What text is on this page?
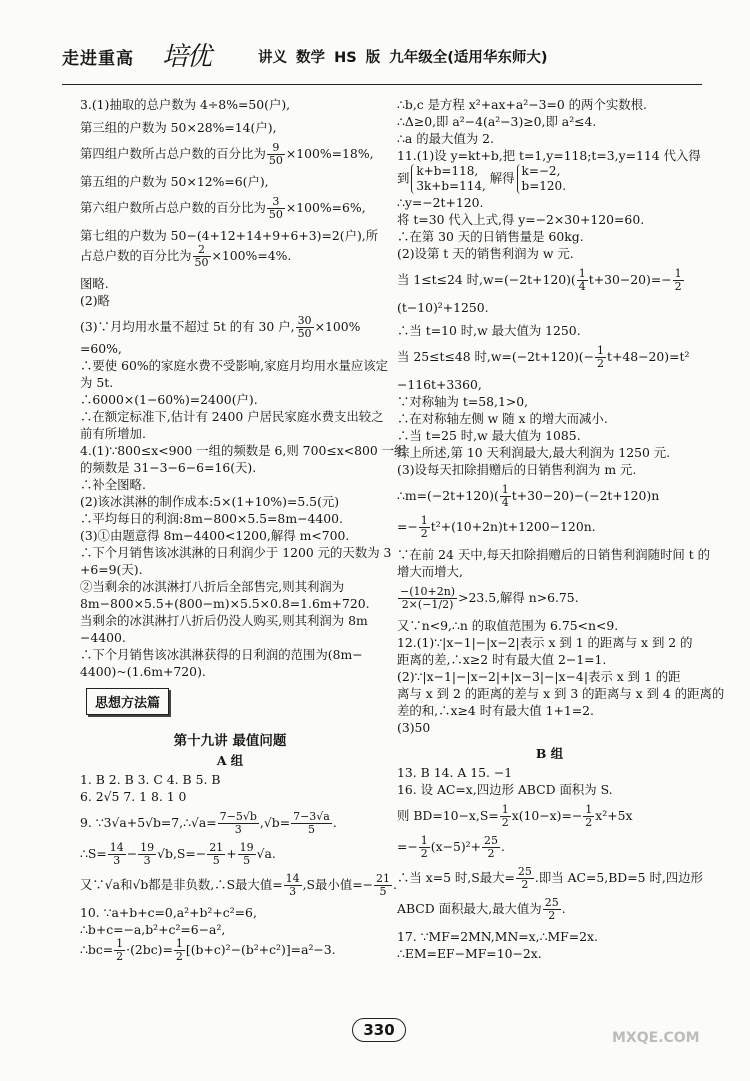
走进重高 培优	讲义 数学 HS 版 九年级全(适用华东师大)

3.(1)抽取的总户数为 4÷8%=50(户),

第三组的户数为 50×28%=14(户),

第四组户数所占总户数的百分比为 $\frac{9}{50} \times 100\%=18\%$,

第五组的户数为 50×12%=6(户),

第六组户数所占总户数的百分比为 $\frac{3}{50} \times 100\%=6\%$,

第七组的户数为 50−(4+12+14+9+6+3)=2(户),所

占总户数的百分比为 $\frac{2}{50} \times 100\%=4\%$.

图略.

(2)略

(3)∵月均用水量不超过 5t 的有 30 户, $\frac{30}{50} \times 100\%$

=60%,

∴要使 60%的家庭水费不受影响,家庭月均用水量应该定

为 5t.

∴6000×(1−60%)=2400(户).

∴在额定标准下,估计有 2400 户居民家庭水费支出较之

前有所增加.

4.(1)∵800≤x<900 一组的频数是 6,则 700≤x<800 一组

的频数是 31−3−6−6=16(天).

∴补全图略.

(2)该冰淇淋的制作成本:5×(1+10%)=5.5(元)

∴平均每日的利润:8m−800×5.5=8m−4400.

(3)①由题意得 8m−4400<1200,解得 m<700.

∴下个月销售该冰淇淋的日利润少于 1200 元的天数为 3

+6=9(天).

②当剩余的冰淇淋打八折后全部售完,则其利润为

8m−800×5.5+(800−m)×5.5×0.8=1.6m+720.

当剩余的冰淇淋打八折后仍没人购买,则其利润为 8m

−4400.

∴下个月销售该冰淇淋获得的日利润的范围为(8m−

4400)~(1.6m+720).

思想方法篇
第十九讲 最值问题
A 组

1. B 2. B 3. C 4. B 5. B

6. 2√5 7. 1 8. 1 0

9. ∵3√a+5√b=7,∴√a= $\frac{7-5√b}{3} ,√b= \frac{7-3√a}{5}$ .

∴S= $\frac{14}{3} - \frac{19}{3} √b,S=- \frac{21}{5} + \frac{19}{5} √a$.

又∵√a和√b都是非负数,∴S最大值= $\frac{14}{3} ,S$最小值=− $\frac{21}{5}$ .

10. ∵a+b+c=0,a²+b²+c²=6,

∴b+c=−a,b²+c²=6−a²,

∴bc= $\frac{1}{2} \cdot(2bc)= \frac{1}{2} [(b+c)^2-(b^2+c^2)]=a^2-3$.

∴b,c 是方程 x²+ax+a²−3=0 的两个实数根.

∴Δ≥0,即 a²−4(a²−3)≥0,即 a²≤4.

∴a 的最大值为 2.

11.(1)设 y=kt+b,把 t=1,y=118;t=3,y=114 代入得

到 k+b=118,
3k+b=114, 解得 k=−2,
b=120.

∴y=−2t+120.

将 t=30 代入上式,得 y=−2×30+120=60.

∴在第 30 天的日销售量是 60kg.

(2)设第 t 天的销售利润为 w 元.

当 1≤t≤24 时$,w=(-2t+120)( \frac{1}{4} t+30-20)=- \frac{1}{2}$

(t−10)²+1250.

∴当 t=10 时,w 最大值为 1250.

当 25≤t≤48 时$,w=(-2t+120)(- \frac{1}{2} t+48-20)=t^2$

−116t+3360,

∵对称轴为 t=58,1>0,

∴在对称轴左侧 w 随 x 的增大而减小.

∴当 t=25 时,w 最大值为 1085.

综上所述,第 10 天利润最大,最大利润为 1250 元.

(3)设每天扣除捐赠后的日销售利润为 m 元.

∴m=(−2t+120)( $\frac{1}{4} t+30-20)-(-2t+120)n$

=− $\frac{1}{2} t^2+(10+2n)t+1200-120n$.

∵在前 24 天中,每天扣除捐赠后的日销售利润随时间 t 的

增大而增大,

$\frac{-(10+2n)}{2\times(-1/2)} >23.5$,解得 n>6.75.

又∵n<9,∴n 的取值范围为 6.75<n<9.

12.(1)∵|x−1|−|x−2|表示 x 到 1 的距离与 x 到 2 的

距离的差,∴x≥2 时有最大值 2−1=1.

(2)∵|x−1|−|x−2|+|x−3|−|x−4|表示 x 到 1 的距

离与 x 到 2 的距离的差与 x 到 3 的距离与 x 到 4 的距离的

差的和,∴x≥4 时有最大值 1+1=2.

(3)50

B 组

13. B 14. A 15. −1

16. 设 AC=x,四边形 ABCD 面积为 S.

则 $BD=10-x,S= \frac{1}{2} x(10-x)=- \frac{1}{2} x^2+5x$

=− $\frac{1}{2} (x-5)^2+ \frac{25}{2}$ .

∴当 x=5 时,S最大= $\frac{25}{2}$ .即当 AC=5,BD=5 时,四边形

ABCD 面积最大,最大值为 $\frac{25}{2}$ .

17. ∵MF=2MN,MN=x,∴MF=2x.

∴EM=EF−MF=10−2x.

330	MXQE.COM
